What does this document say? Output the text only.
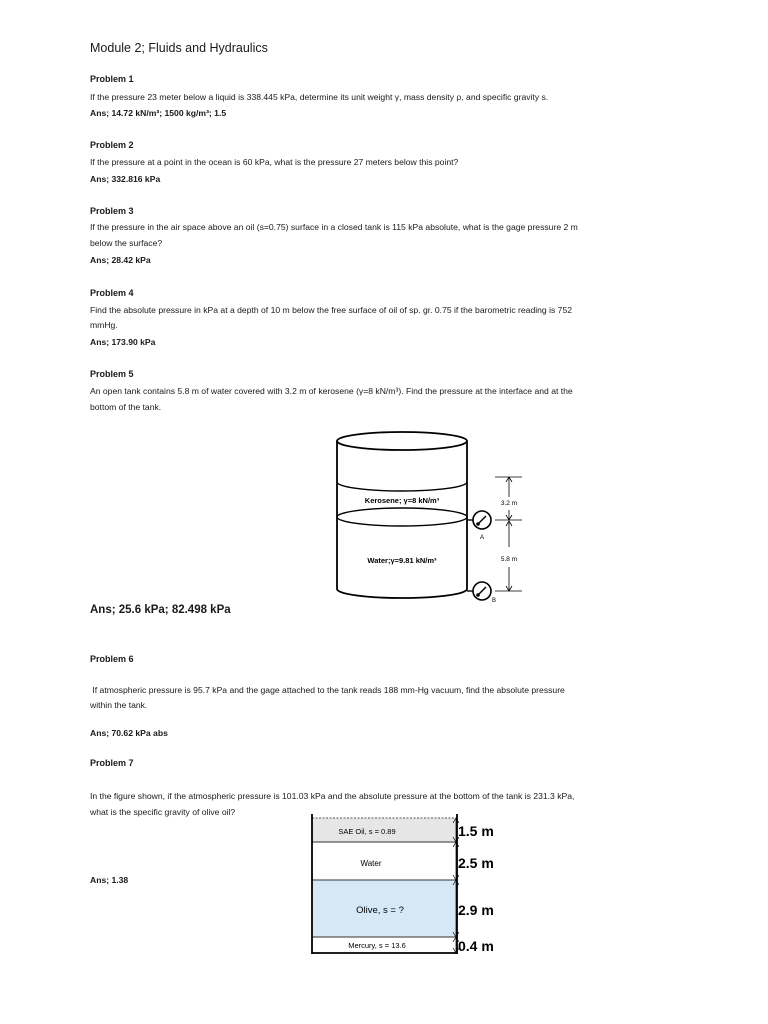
Module 2; Fluids and Hydraulics
Problem 1
If the pressure 23 meter below a liquid is 338.445 kPa, determine its unit weight γ, mass density ρ, and specific gravity s.
Ans; 14.72 kN/m³; 1500 kg/m³; 1.5
Problem 2
If the pressure at a point in the ocean is 60 kPa, what is the pressure 27 meters below this point?
Ans; 332.816 kPa
Problem 3
If the pressure in the air space above an oil (s=0.75) surface in a closed tank is 115 kPa absolute, what is the gage pressure 2 m
below the surface?
Ans; 28.42 kPa
Problem 4
Find the absolute pressure in kPa at a depth of 10 m below the free surface of oil of sp. gr. 0.75 if the barometric reading is 752
mmHg.
Ans; 173.90 kPa
Problem 5
An open tank contains 5.8 m of water covered with 3.2 m of kerosene (γ=8 kN/m³). Find the pressure at the interface and at the
bottom of the tank.
Kerosene; γ=8 kN/m³
Water;γ=9.81 kN/m³
A
B
3.2 m
5.8 m
Ans; 25.6 kPa; 82.498 kPa
Problem 6
If atmospheric pressure is 95.7 kPa and the gage attached to the tank reads 188 mm-Hg vacuum, find the absolute pressure
within the tank.
Ans; 70.62 kPa abs
Problem 7
In the figure shown, if the atmospheric pressure is 101.03 kPa and the absolute pressure at the bottom of the tank is 231.3 kPa,
what is the specific gravity of olive oil?
Ans; 1.38
SAE Oil, s = 0.89
Water
Olive, s = ?
Mercury, s = 13.6
1.5 m
2.5 m
2.9 m
0.4 m
